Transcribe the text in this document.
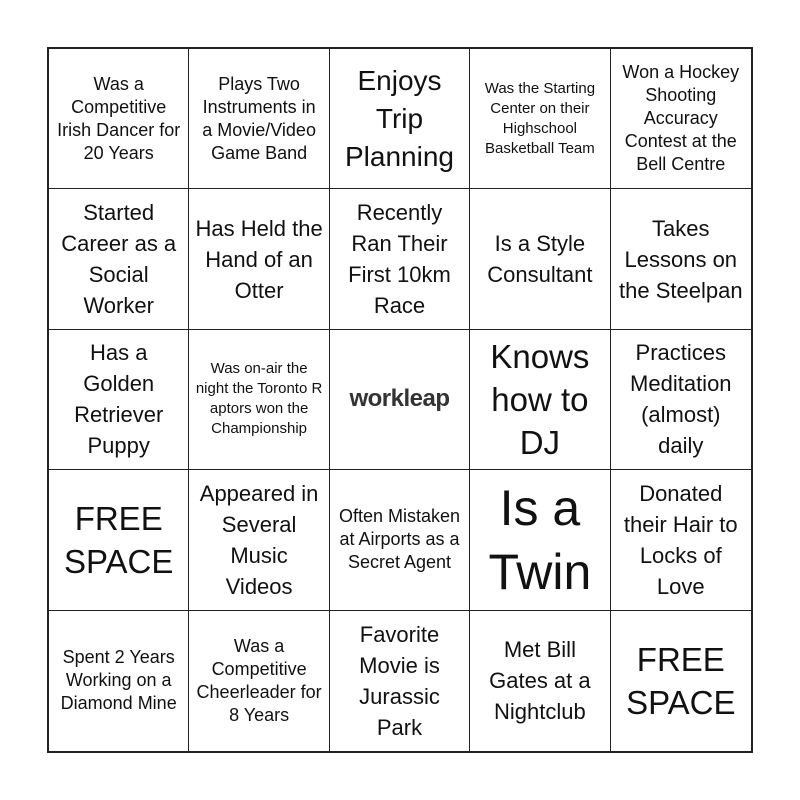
Was a Competitive Irish Dancer for 20 Years
Plays Two Instruments in a Movie/Video Game Band
Enjoys Trip Planning
Was the Starting Center on their Highschool Basketball Team
Won a Hockey Shooting Accuracy Contest at the Bell Centre
Started Career as a Social Worker
Has Held the Hand of an Otter
Recently Ran Their First 10km Race
Is a Style Consultant
Takes Lessons on the Steelpan
Has a Golden Retriever Puppy
Was on-air the night the Toronto R aptors won the Championship
workleap
Knows how to DJ
Practices Meditation (almost) daily
FREE SPACE
Appeared in Several Music Videos
Often Mistaken at Airports as a Secret Agent
Is a Twin
Donated their Hair to Locks of Love
Spent 2 Years Working on a Diamond Mine
Was a Competitive Cheerleader for 8 Years
Favorite Movie is Jurassic Park
Met Bill Gates at a Nightclub
FREE SPACE
